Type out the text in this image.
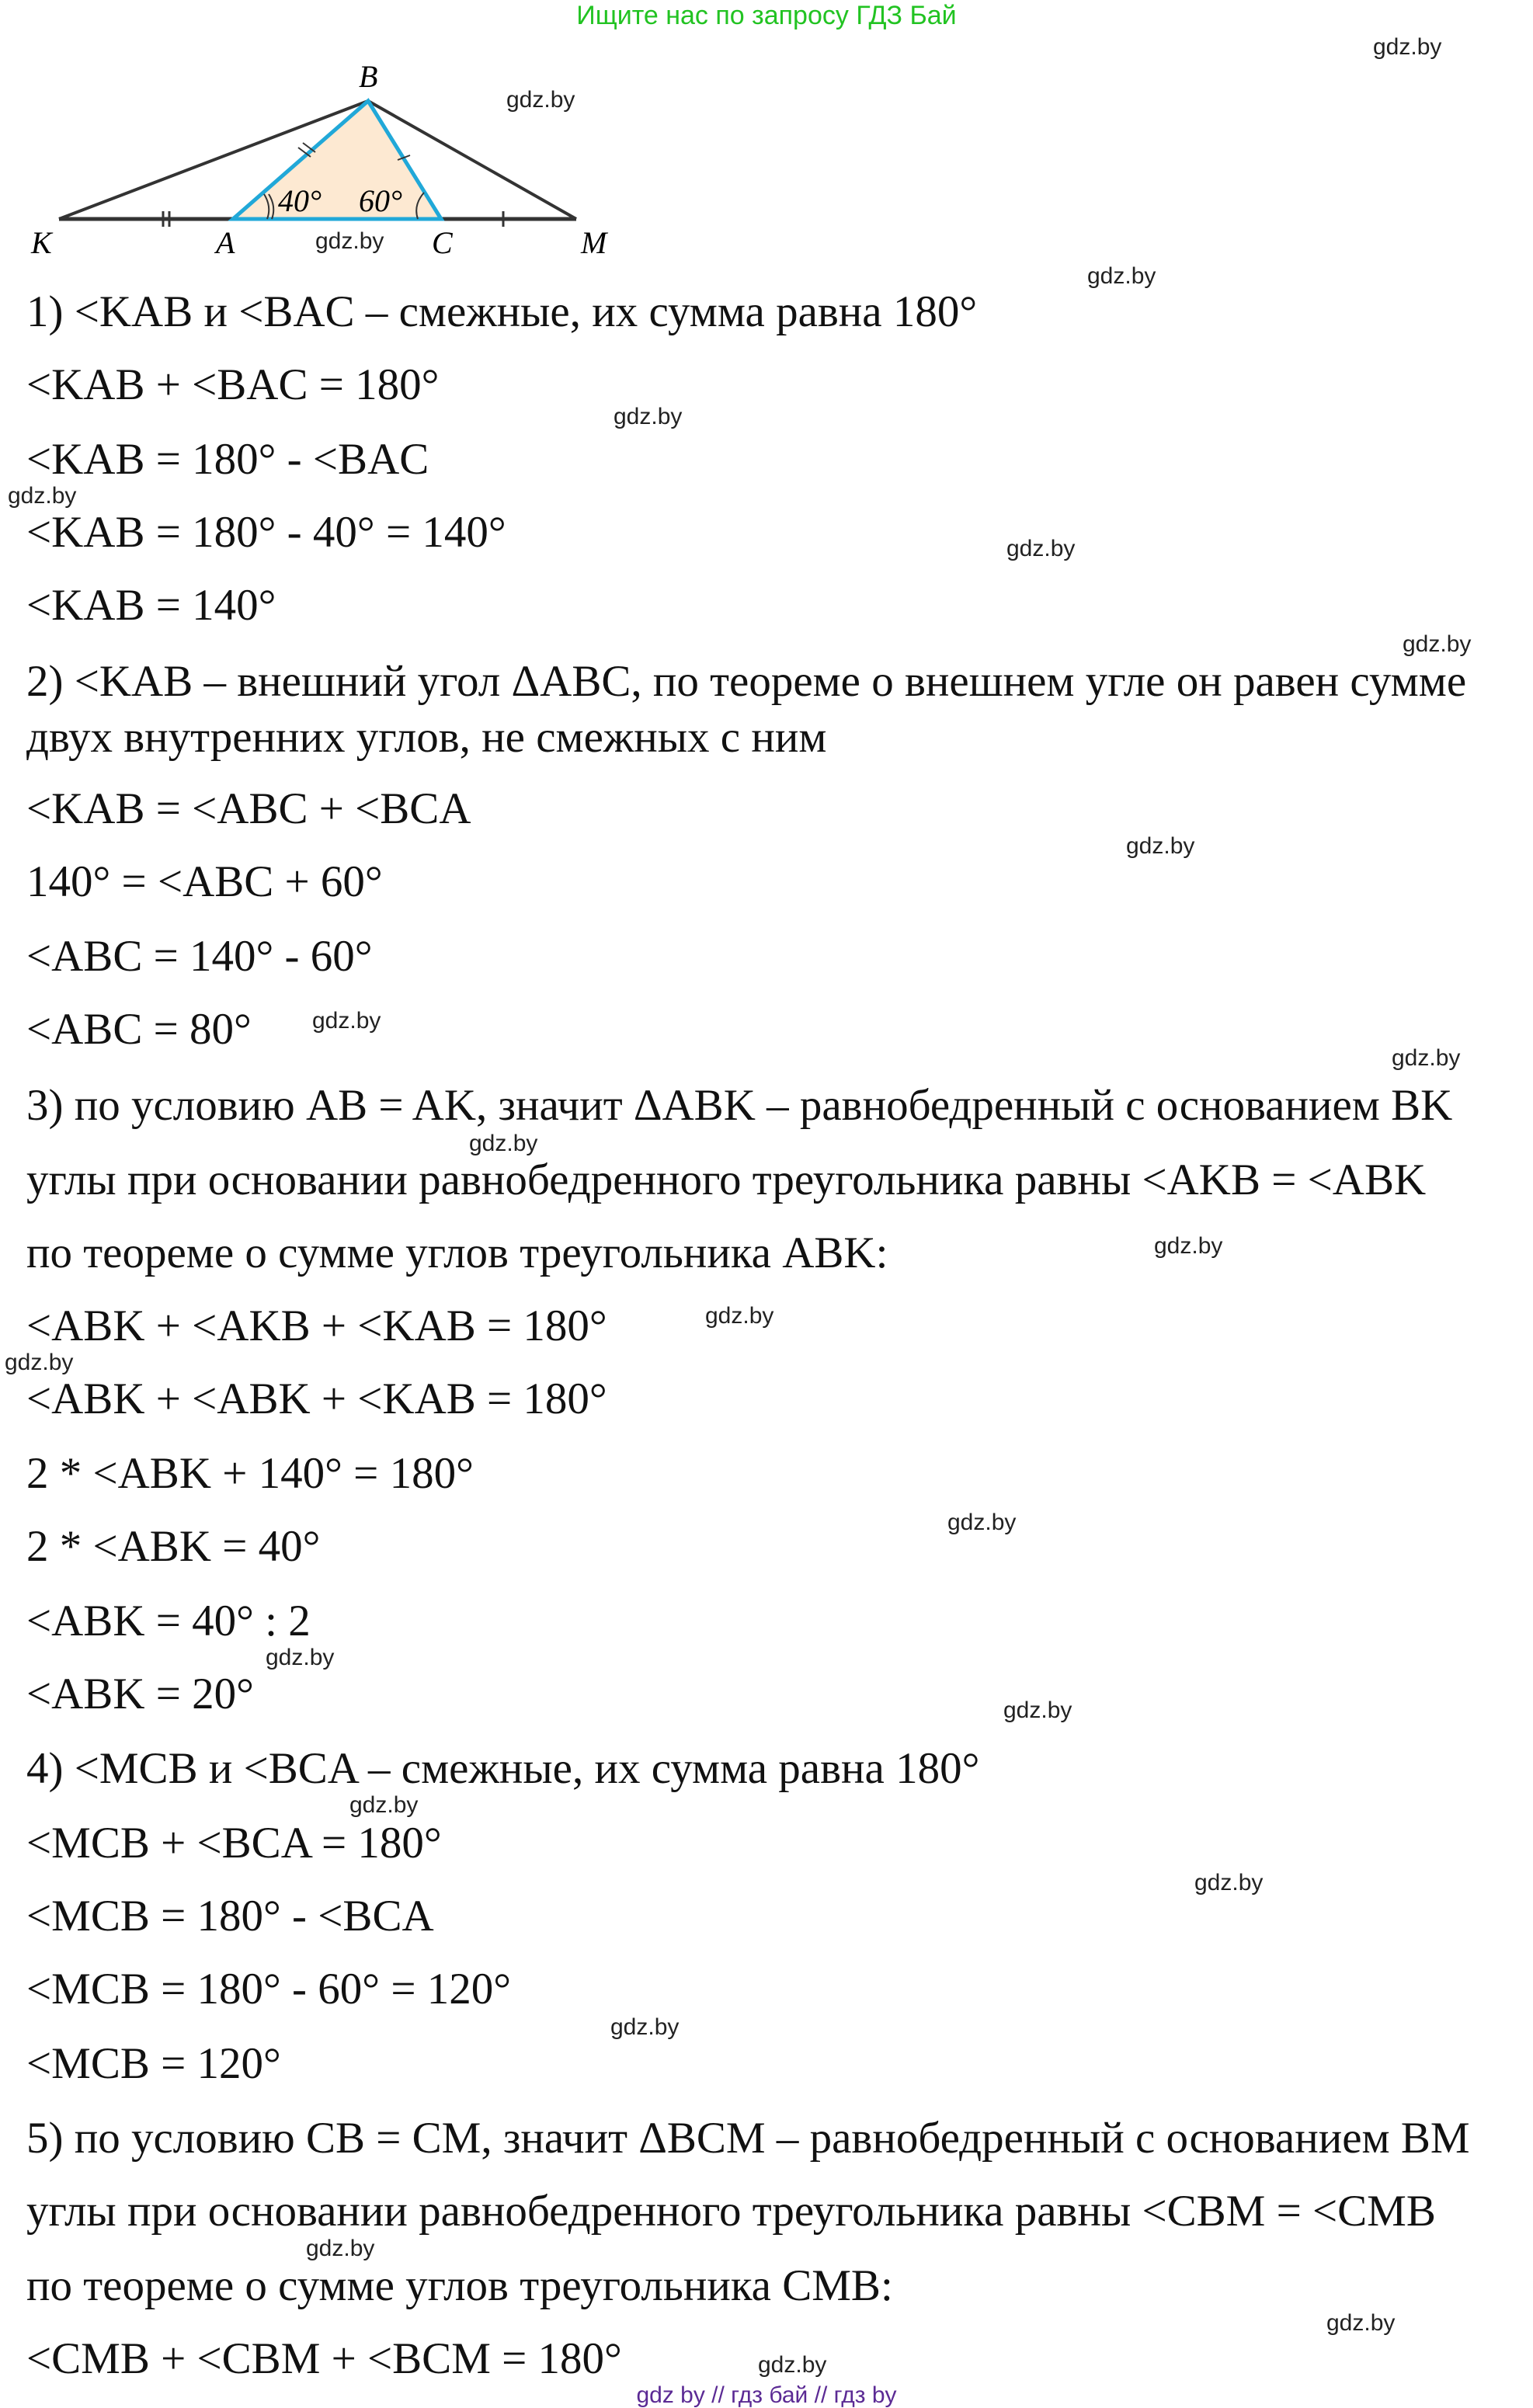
Ищите нас по запросу ГДЗ Бай
40° 60°
K	A	C	M
B
1) <KAB и <BAC – смежные, их сумма равна 180°
<KAB + <BAC = 180°
<KAB = 180° - <BAC
<KAB = 180° - 40° = 140°
<KAB = 140°
2) <KAB – внешний угол ΔABC, по теореме о внешнем угле он равен сумме
двух внутренних углов, не смежных с ним
<KAB = <ABC + <BCA
140° = <ABC + 60°
<ABC = 140° - 60°
<ABC = 80°
3) по условию AB = AK, значит ΔABK – равнобедренный с основанием BK
углы при основании равнобедренного треугольника равны <AKB = <ABK
по теореме о сумме углов треугольника ABK:
<ABK + <AKB + <KAB = 180°
<ABK + <ABK + <KAB = 180°
2 * <ABK + 140° = 180°
2 * <ABK = 40°
<ABK = 40° : 2
<ABK = 20°
4) <MCB и <BCA – смежные, их сумма равна 180°
<MCB + <BCA = 180°
<MCB = 180° - <BCA
<MCB = 180° - 60° = 120°
<MCB = 120°
5) по условию CB = CM, значит ΔBCM – равнобедренный с основанием BM
углы при основании равнобедренного треугольника равны <CBM = <CMB
по теореме о сумме углов треугольника CMB:
<CMB + <CBM + <BCM = 180°
gdz.by
gdz.by
gdz.by
gdz.by
gdz.by
gdz.by
gdz.by
gdz.by
gdz.by
gdz.by
gdz.by
gdz.by
gdz.by
gdz.by
gdz.by
gdz.by
gdz.by
gdz.by
gdz.by
gdz.by
gdz.by
gdz.by
gdz.by
gdz.by
gdz by // гдз бай // гдз by
